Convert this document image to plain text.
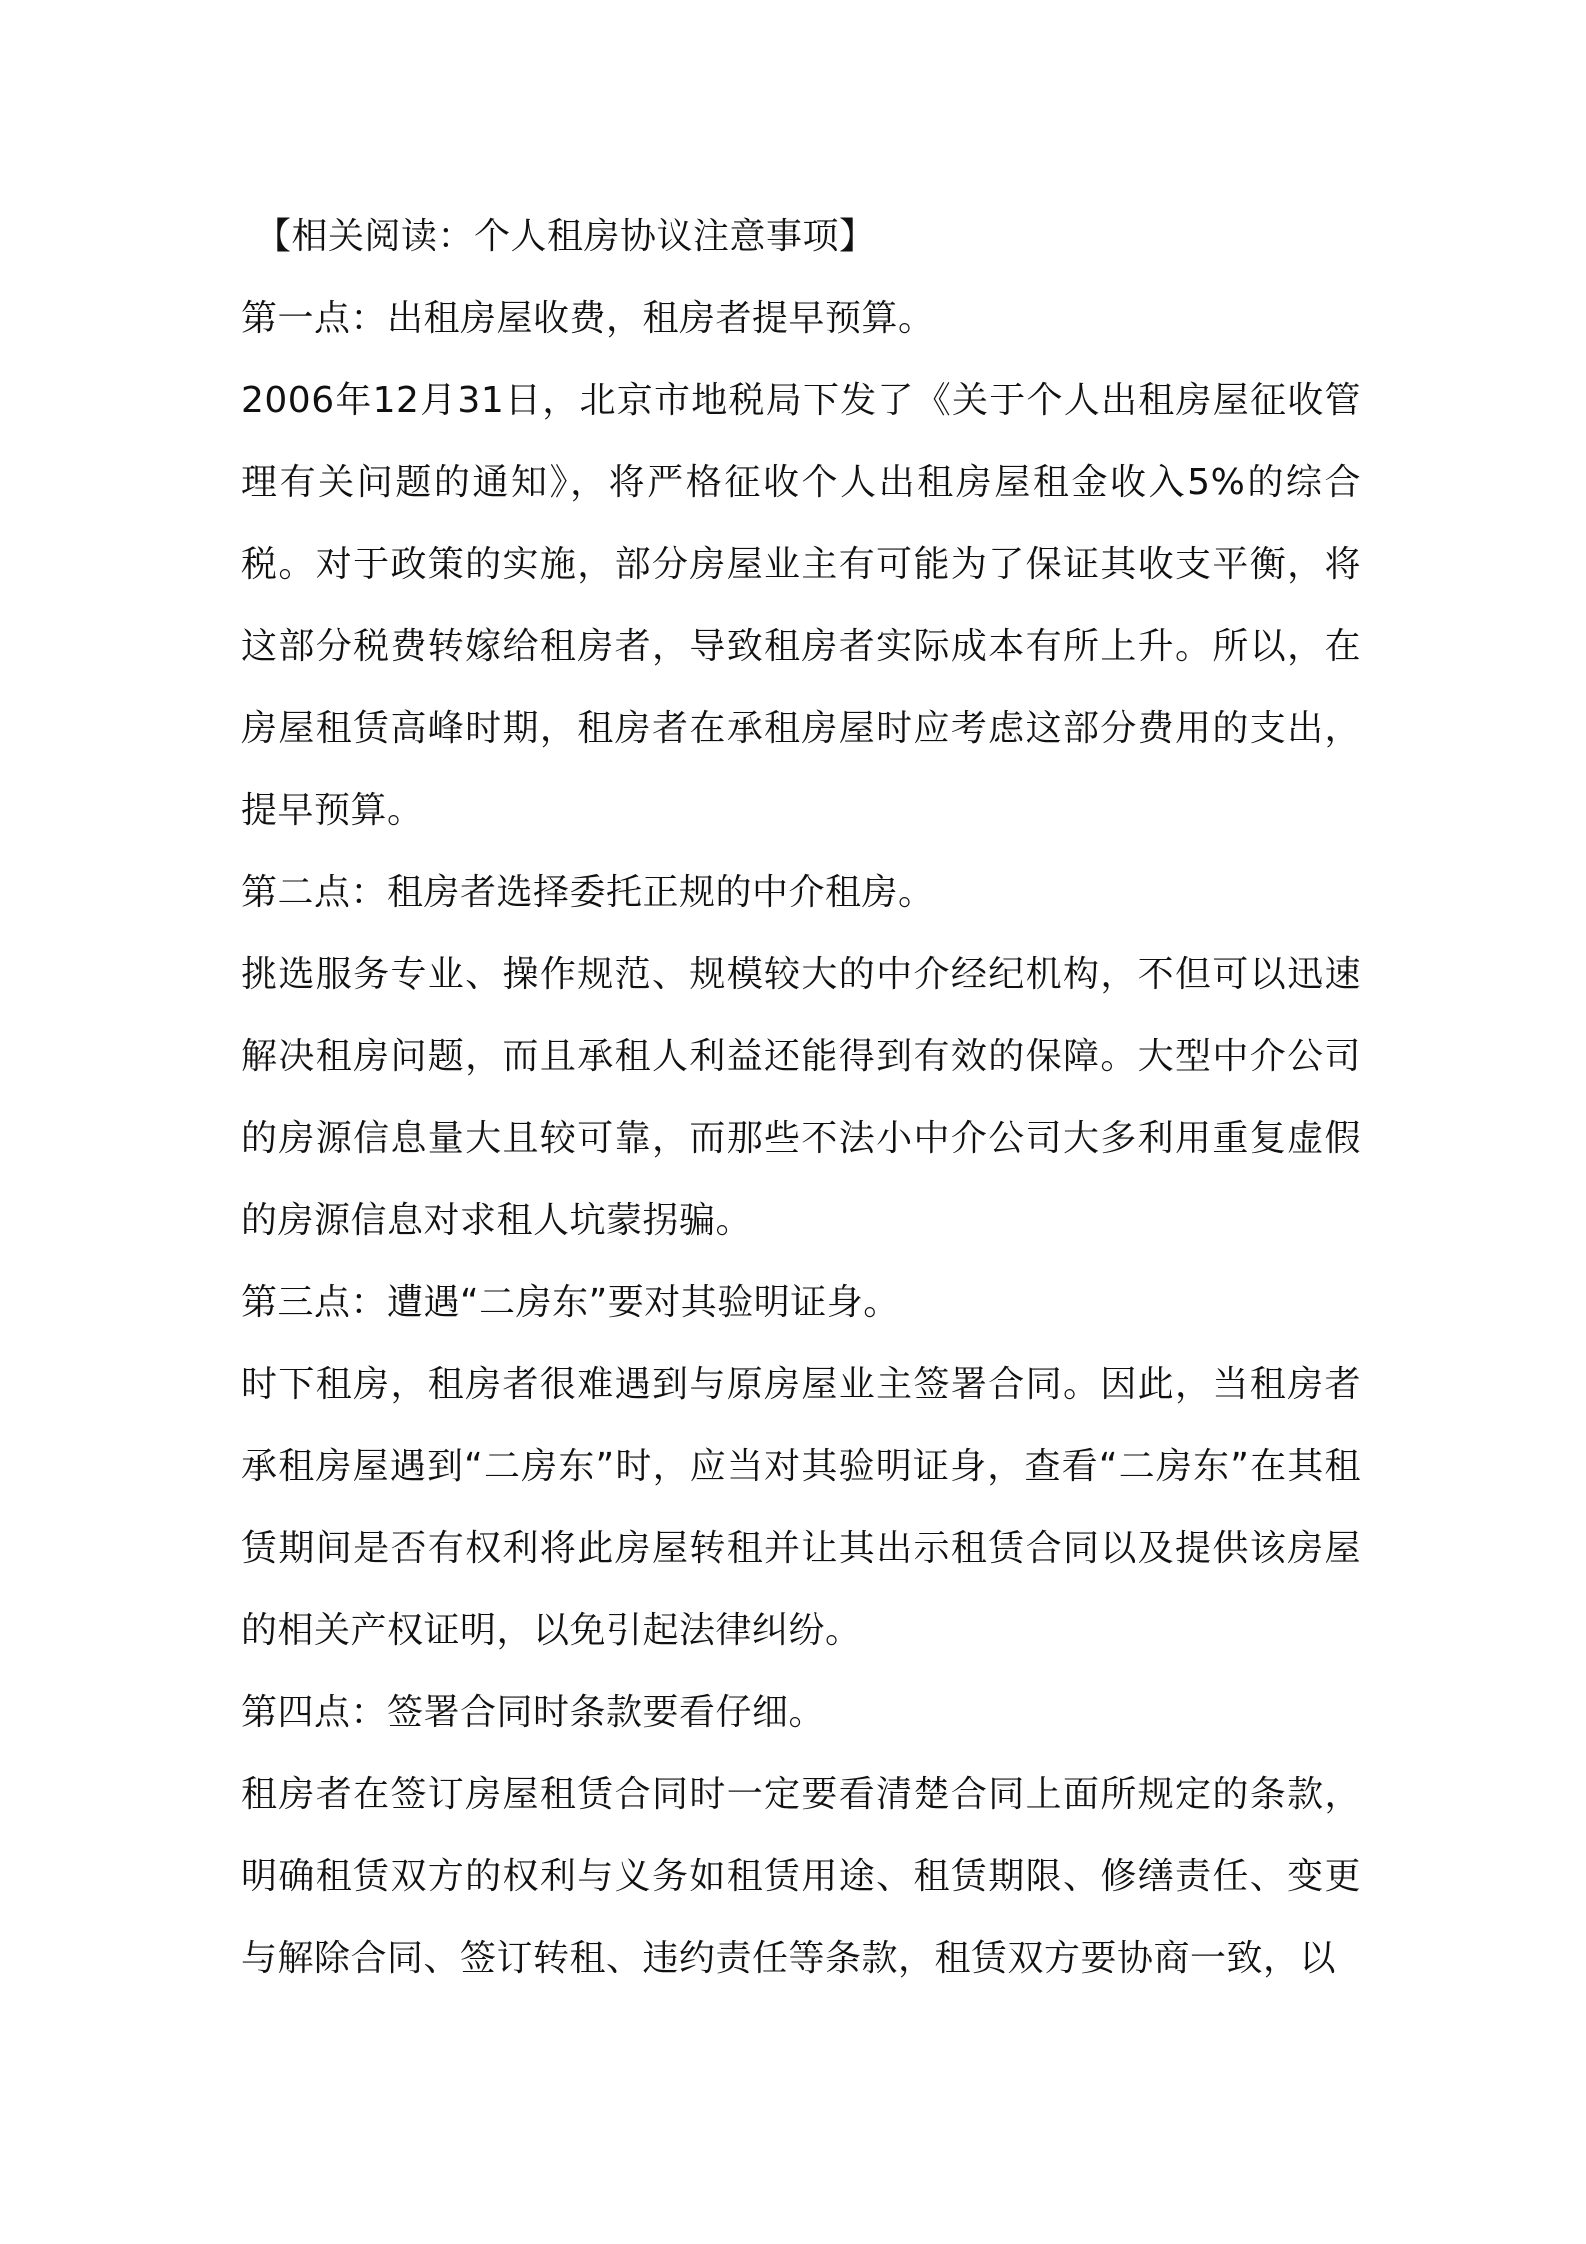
【相关阅读：个人租房协议注意事项】

第一点：出租房屋收费，租房者提早预算。

2006年12月31日，北京市地税局下发了《关于个人出租房屋征收管理有关问题的通知》，将严格征收个人出租房屋租金收入5%的综合税。对于政策的实施，部分房屋业主有可能为了保证其收支平衡，将这部分税费转嫁给租房者，导致租房者实际成本有所上升。所以，在房屋租赁高峰时期，租房者在承租房屋时应考虑这部分费用的支出，提早预算。

第二点：租房者选择委托正规的中介租房。

挑选服务专业、操作规范、规模较大的中介经纪机构，不但可以迅速解决租房问题，而且承租人利益还能得到有效的保障。大型中介公司的房源信息量大且较可靠，而那些不法小中介公司大多利用重复虚假的房源信息对求租人坑蒙拐骗。

第三点：遭遇“二房东”要对其验明证身。

时下租房，租房者很难遇到与原房屋业主签署合同。因此，当租房者承租房屋遇到“二房东”时，应当对其验明证身，查看“二房东”在其租赁期间是否有权利将此房屋转租并让其出示租赁合同以及提供该房屋的相关产权证明，以免引起法律纠纷。

第四点：签署合同时条款要看仔细。

租房者在签订房屋租赁合同时一定要看清楚合同上面所规定的条款，明确租赁双方的权利与义务如租赁用途、租赁期限、修缮责任、变更与解除合同、签订转租、违约责任等条款，租赁双方要协商一致，以
